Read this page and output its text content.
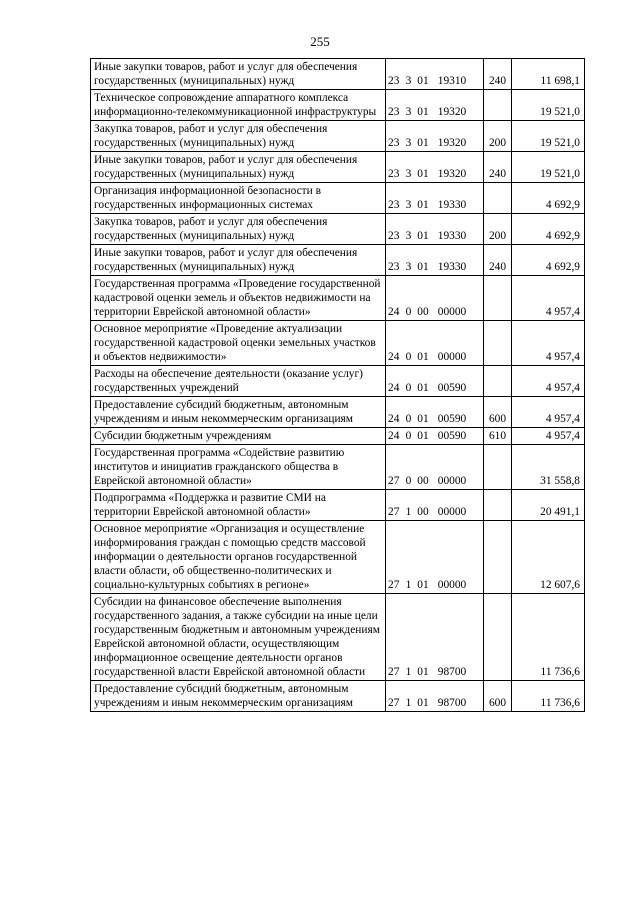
255
Иные закупки товаров, работ и услуг для обеспечения государственных (муниципальных) нужд	23 3 01 19310	240	11 698,1
Техническое сопровождение аппаратного комплекса информационно-телекоммуникационной инфраструктуры	23 3 01 19320		19 521,0
Закупка товаров, работ и услуг для обеспечения государственных (муниципальных) нужд	23 3 01 19320	200	19 521,0
Иные закупки товаров, работ и услуг для обеспечения государственных (муниципальных) нужд	23 3 01 19320	240	19 521,0
Организация информационной безопасности в государственных информационных системах	23 3 01 19330		4 692,9
Закупка товаров, работ и услуг для обеспечения государственных (муниципальных) нужд	23 3 01 19330	200	4 692,9
Иные закупки товаров, работ и услуг для обеспечения государственных (муниципальных) нужд	23 3 01 19330	240	4 692,9
Государственная программа «Проведение государственной кадастровой оценки земель и объектов недвижимости на территории Еврейской автономной области»	24 0 00 00000		4 957,4
Основное мероприятие «Проведение актуализации государственной кадастровой оценки земельных участков и объектов недвижимости»	24 0 01 00000		4 957,4
Расходы на обеспечение деятельности (оказание услуг) государственных учреждений	24 0 01 00590		4 957,4
Предоставление субсидий бюджетным, автономным учреждениям и иным некоммерческим организациям	24 0 01 00590	600	4 957,4
Субсидии бюджетным учреждениям	24 0 01 00590	610	4 957,4
Государственная программа «Содействие развитию институтов и инициатив гражданского общества в Еврейской автономной области»	27 0 00 00000		31 558,8
Подпрограмма «Поддержка и развитие СМИ на территории Еврейской автономной области»	27 1 00 00000		20 491,1
Основное мероприятие «Организация и осуществление информирования граждан с помощью средств массовой информации о деятельности органов государственной власти области, об общественно-политических и социально-культурных событиях в регионе»	27 1 01 00000		12 607,6
Субсидии на финансовое обеспечение выполнения государственного задания, а также субсидии на иные цели государственным бюджетным и автономным учреждениям Еврейской автономной области, осуществляющим информационное освещение деятельности органов государственной власти Еврейской автономной области	27 1 01 98700		11 736,6
Предоставление субсидий бюджетным, автономным учреждениям и иным некоммерческим организациям	27 1 01 98700	600	11 736,6
